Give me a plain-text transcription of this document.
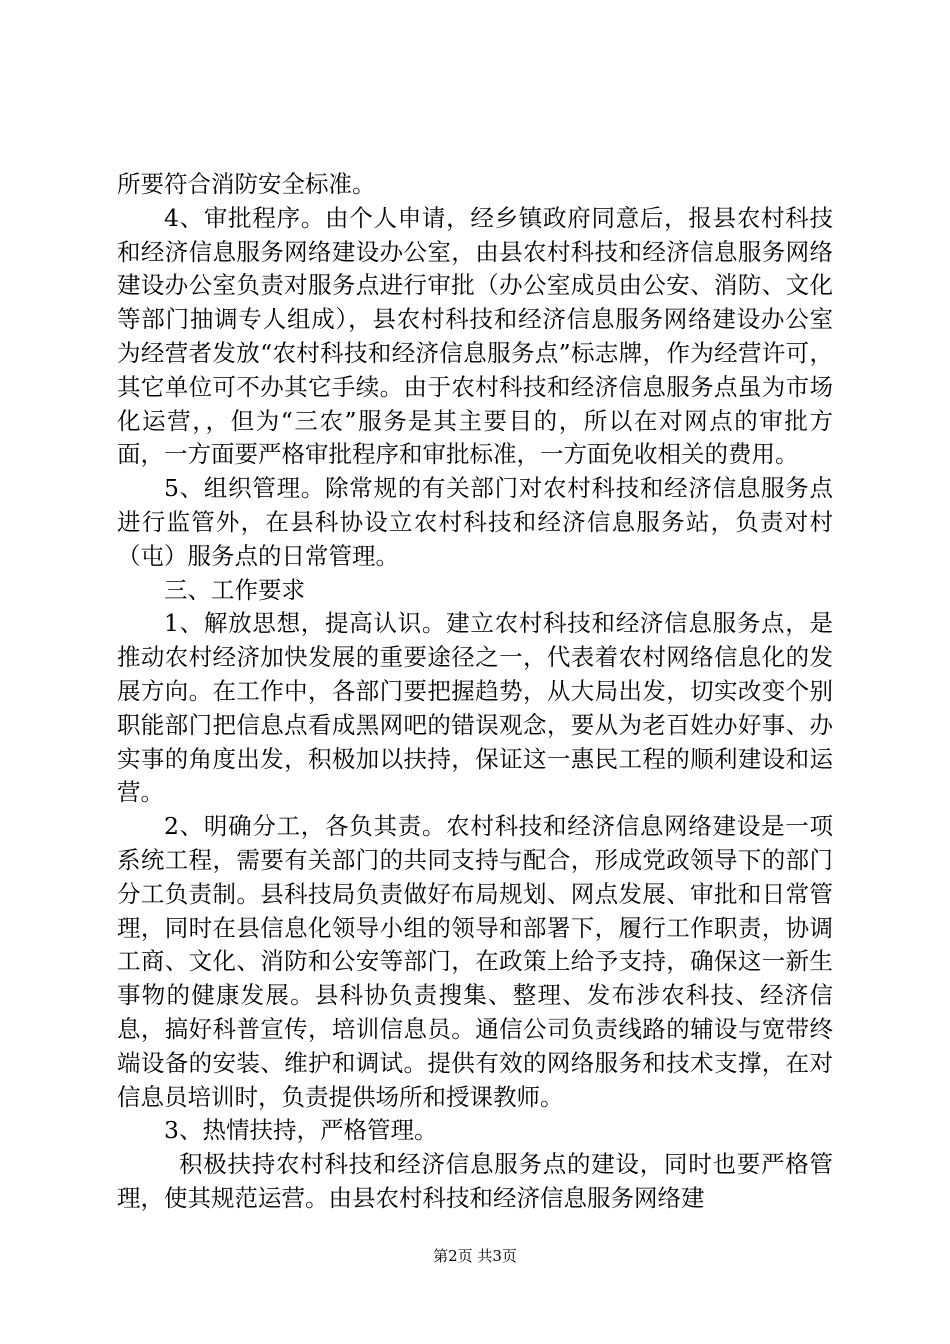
所要符合消防安全标准。

4、审批程序。由个人申请，经乡镇政府同意后，报县农村科技和经济信息服务网络建设办公室，由县农村科技和经济信息服务网络建设办公室负责对服务点进行审批（办公室成员由公安、消防、文化等部门抽调专人组成），县农村科技和经济信息服务网络建设办公室为经营者发放“农村科技和经济信息服务点”标志牌，作为经营许可，其它单位可不办其它手续。由于农村科技和经济信息服务点虽为市场化运营，，但为“三农”服务是其主要目的，所以在对网点的审批方面，一方面要严格审批程序和审批标准，一方面免收相关的费用。

5、组织管理。除常规的有关部门对农村科技和经济信息服务点进行监管外，在县科协设立农村科技和经济信息服务站，负责对村（屯）服务点的日常管理。

三、工作要求

1、解放思想，提高认识。建立农村科技和经济信息服务点，是推动农村经济加快发展的重要途径之一，代表着农村网络信息化的发展方向。在工作中，各部门要把握趋势，从大局出发，切实改变个别职能部门把信息点看成黑网吧的错误观念，要从为老百姓办好事、办实事的角度出发，积极加以扶持，保证这一惠民工程的顺利建设和运营。

2、明确分工，各负其责。农村科技和经济信息网络建设是一项系统工程，需要有关部门的共同支持与配合，形成党政领导下的部门分工负责制。县科技局负责做好布局规划、网点发展、审批和日常管理，同时在县信息化领导小组的领导和部署下，履行工作职责，协调工商、文化、消防和公安等部门，在政策上给予支持，确保这一新生事物的健康发展。县科协负责搜集、整理、发布涉农科技、经济信息，搞好科普宣传，培训信息员。通信公司负责线路的辅设与宽带终端设备的安装、维护和调试。提供有效的网络服务和技术支撑，在对信息员培训时，负责提供场所和授课教师。

3、热情扶持，严格管理。

积极扶持农村科技和经济信息服务点的建设，同时也要严格管理，使其规范运营。由县农村科技和经济信息服务网络建

第2页 共3页
